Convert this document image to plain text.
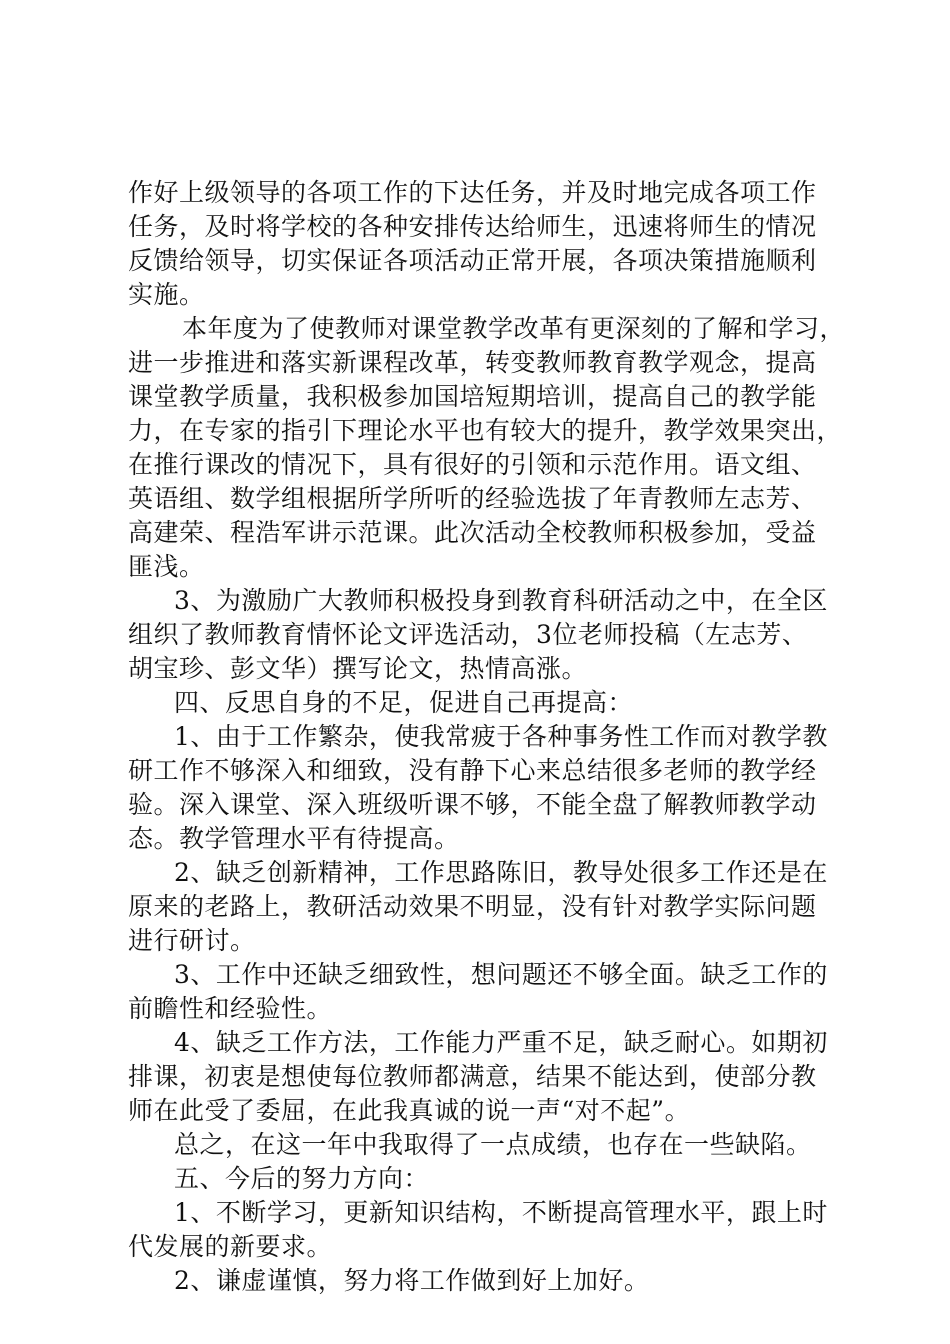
作好上级领导的各项工作的下达任务，并及时地完成各项工作
任务，及时将学校的各种安排传达给师生，迅速将师生的情况
反馈给领导，切实保证各项活动正常开展，各项决策措施顺利
实施。
本年度为了使教师对课堂教学改革有更深刻的了解和学习，
进一步推进和落实新课程改革，转变教师教育教学观念，提高
课堂教学质量，我积极参加国培短期培训，提高自己的教学能
力，在专家的指引下理论水平也有较大的提升，教学效果突出，
在推行课改的情况下，具有很好的引领和示范作用。语文组、
英语组、数学组根据所学所听的经验选拔了年青教师左志芳、
高建荣、程浩军讲示范课。此次活动全校教师积极参加，受益
匪浅。
3、为激励广大教师积极投身到教育科研活动之中，在全区
组织了教师教育情怀论文评选活动，3位老师投稿（左志芳、
胡宝珍、彭文华）撰写论文，热情高涨。
四、反思自身的不足，促进自己再提高：
1、由于工作繁杂，使我常疲于各种事务性工作而对教学教
研工作不够深入和细致，没有静下心来总结很多老师的教学经
验。深入课堂、深入班级听课不够，不能全盘了解教师教学动
态。教学管理水平有待提高。
2、缺乏创新精神，工作思路陈旧，教导处很多工作还是在
原来的老路上，教研活动效果不明显，没有针对教学实际问题
进行研讨。
3、工作中还缺乏细致性，想问题还不够全面。缺乏工作的
前瞻性和经验性。
4、缺乏工作方法，工作能力严重不足，缺乏耐心。如期初
排课，初衷是想使每位教师都满意，结果不能达到，使部分教
师在此受了委屈，在此我真诚的说一声“对不起”。
总之，在这一年中我取得了一点成绩，也存在一些缺陷。
五、今后的努力方向：
1、不断学习，更新知识结构，不断提高管理水平，跟上时
代发展的新要求。
2、谦虚谨慎，努力将工作做到好上加好。
